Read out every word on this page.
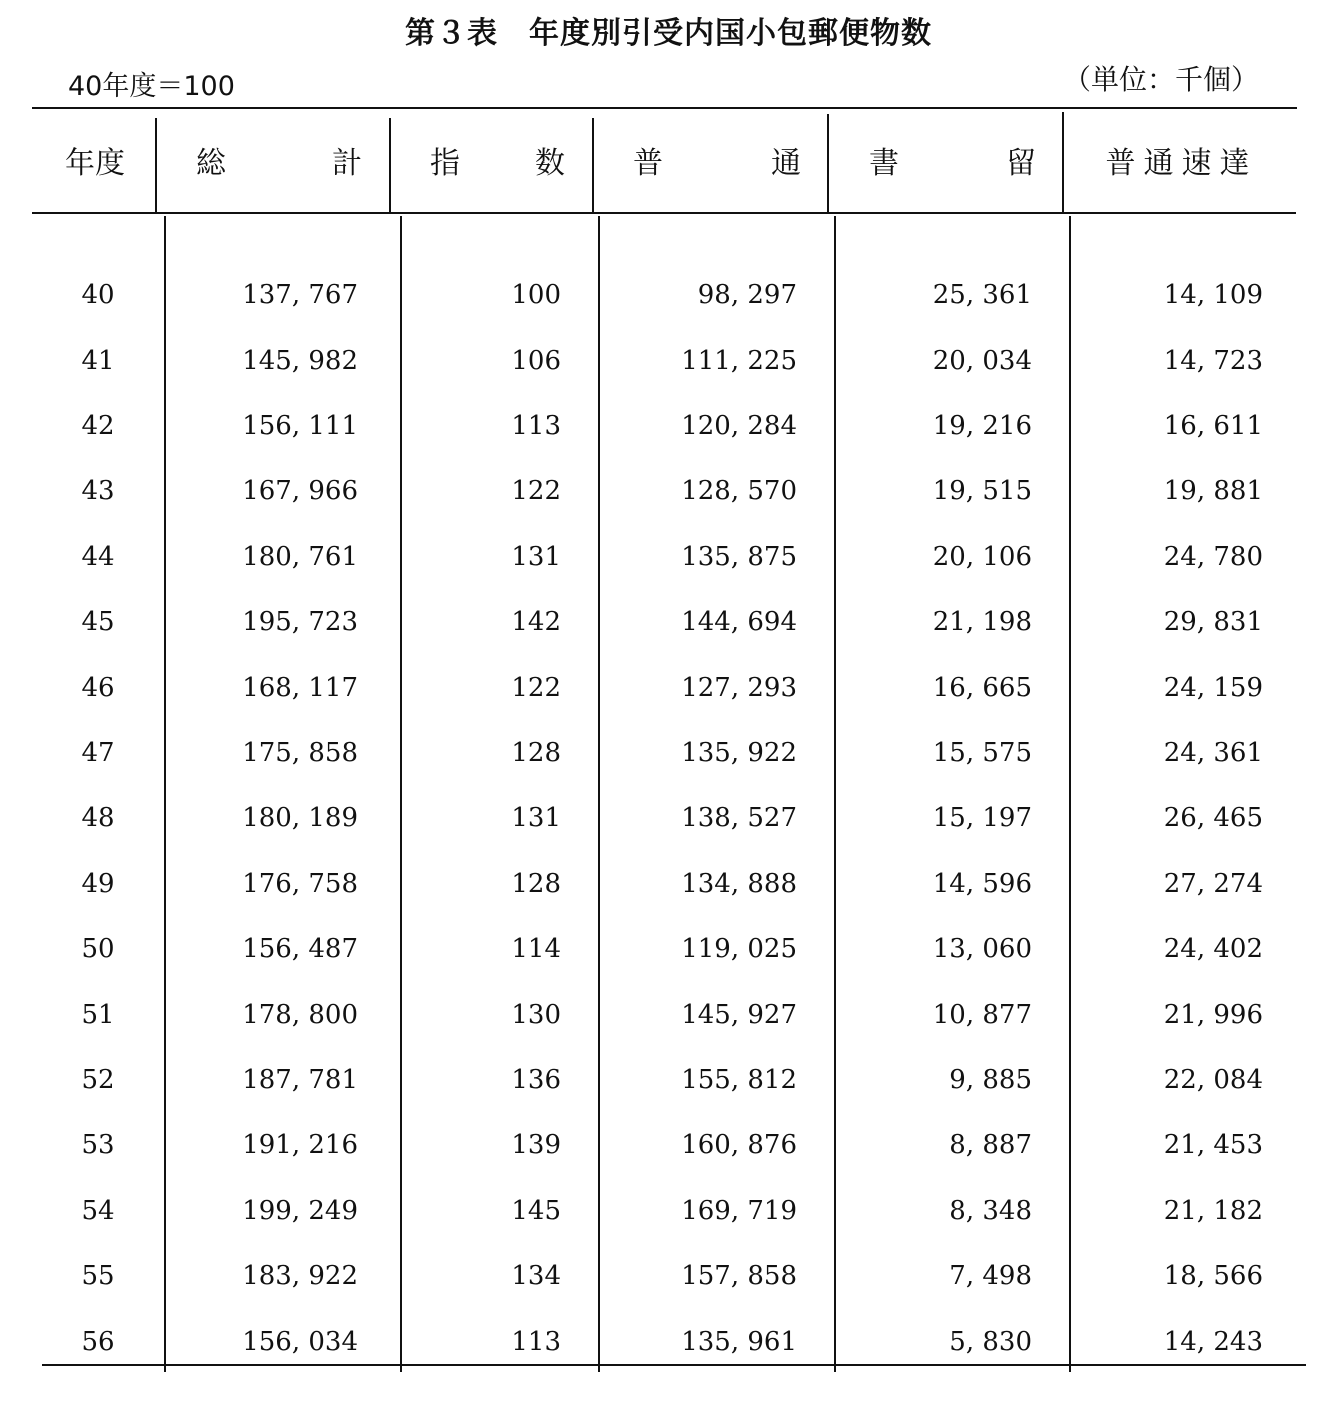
第３表　年度別引受内国小包郵便物数
40年度＝100	（単位：千個）
年度	総 計	指 数	普 通	書 留	普通速達

40	137, 767	100	98, 297	25, 361	14, 109
41	145, 982	106	111, 225	20, 034	14, 723
42	156, 111	113	120, 284	19, 216	16, 611
43	167, 966	122	128, 570	19, 515	19, 881
44	180, 761	131	135, 875	20, 106	24, 780
45	195, 723	142	144, 694	21, 198	29, 831
46	168, 117	122	127, 293	16, 665	24, 159
47	175, 858	128	135, 922	15, 575	24, 361
48	180, 189	131	138, 527	15, 197	26, 465
49	176, 758	128	134, 888	14, 596	27, 274
50	156, 487	114	119, 025	13, 060	24, 402
51	178, 800	130	145, 927	10, 877	21, 996
52	187, 781	136	155, 812	9, 885	22, 084
53	191, 216	139	160, 876	8, 887	21, 453
54	199, 249	145	169, 719	8, 348	21, 182
55	183, 922	134	157, 858	7, 498	18, 566
56	156, 034	113	135, 961	5, 830	14, 243
